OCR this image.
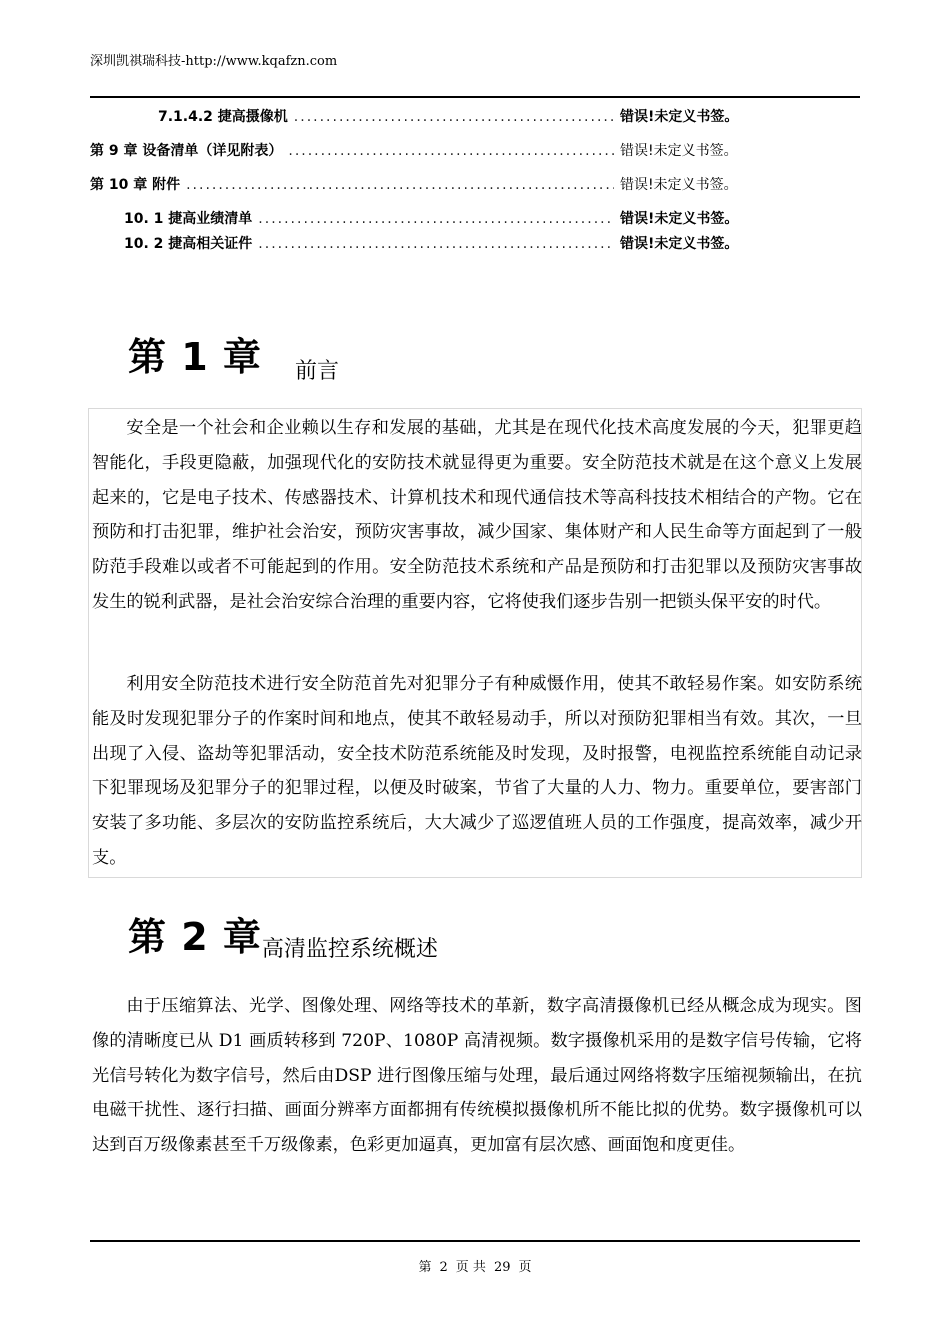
深圳凯祺瑞科技-http://www.kqafzn.com
7.1.4.2 捷高摄像机 .....	错误!未定义书签。
第 9 章 设备清单（详见附表） .....	错误!未定义书签。
第 10 章 附件 .....	错误!未定义书签。
10. 1 捷高业绩清单 .....	错误!未定义书签。
10. 2 捷高相关证件 .....	错误!未定义书签。
第 1 章 前言

安全是一个社会和企业赖以生存和发展的基础，尤其是在现代化技术高度发展的今天，犯罪更趋智能化，手段更隐蔽，加强现代化的安防技术就显得更为重要。安全防范技术就是在这个意义上发展起来的，它是电子技术、传感器技术、计算机技术和现代通信技术等高科技技术相结合的产物。它在预防和打击犯罪，维护社会治安，预防灾害事故，减少国家、集体财产和人民生命等方面起到了一般防范手段难以或者不可能起到的作用。安全防范技术系统和产品是预防和打击犯罪以及预防灾害事故发生的锐利武器，是社会治安综合治理的重要内容，它将使我们逐步告别一把锁头保平安的时代。

利用安全防范技术进行安全防范首先对犯罪分子有种威慑作用，使其不敢轻易作案。如安防系统能及时发现犯罪分子的作案时间和地点，使其不敢轻易动手，所以对预防犯罪相当有效。其次，一旦出现了入侵、盗劫等犯罪活动，安全技术防范系统能及时发现，及时报警，电视监控系统能自动记录下犯罪现场及犯罪分子的犯罪过程，以便及时破案，节省了大量的人力、物力。重要单位，要害部门安装了多功能、多层次的安防监控系统后，大大减少了巡逻值班人员的工作强度，提高效率，减少开支。

第 2 章高清监控系统概述

由于压缩算法、光学、图像处理、网络等技术的革新，数字高清摄像机已经从概念成为现实。图像的清晰度已从 D1 画质转移到 720P、1080P 高清视频。数字摄像机采用的是数字信号传输，它将光信号转化为数字信号，然后由DSP 进行图像压缩与处理，最后通过网络将数字压缩视频输出，在抗电磁干扰性、逐行扫描、画面分辨率方面都拥有传统模拟摄像机所不能比拟的优势。数字摄像机可以达到百万级像素甚至千万级像素，色彩更加逼真，更加富有层次感、画面饱和度更佳。

第 2 页 共 29 页
